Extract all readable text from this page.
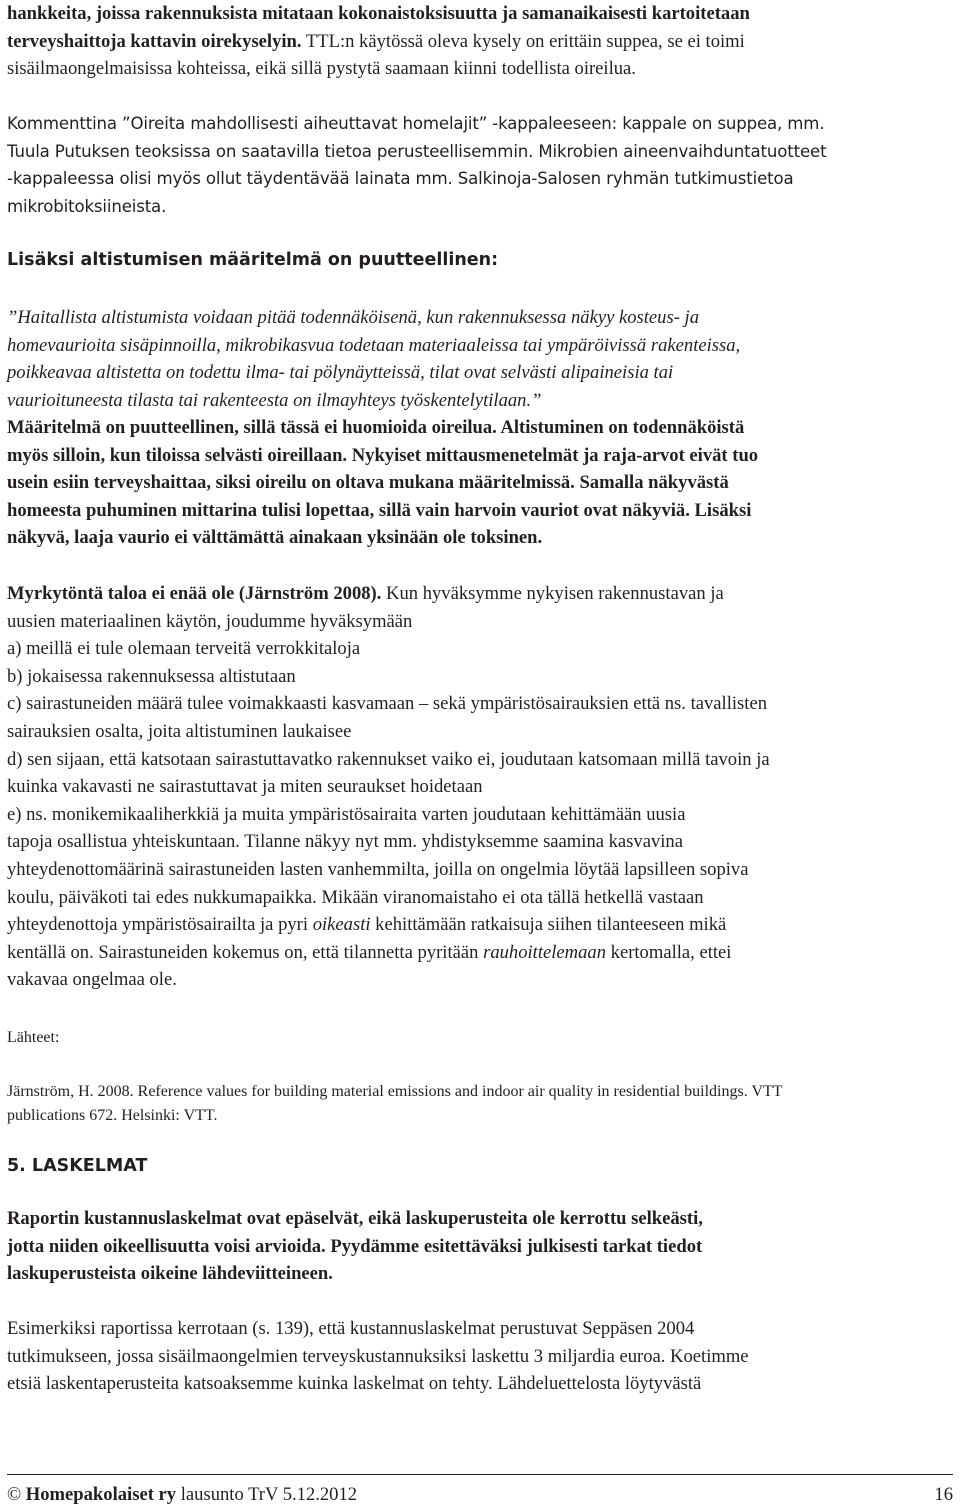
hankkeita, joissa rakennuksista mitataan kokonaistoksisuutta ja samanaikaisesti kartoitetaan
terveyshaittoja kattavin oirekyselyin. TTL:n käytössä oleva kysely on erittäin suppea, se ei toimi
sisäilmaongelmaisissa kohteissa, eikä sillä pystytä saamaan kiinni todellista oireilua.
Kommenttina ”Oireita mahdollisesti aiheuttavat homelajit” -kappaleeseen: kappale on suppea, mm.
Tuula Putuksen teoksissa on saatavilla tietoa perusteellisemmin. Mikrobien aineenvaihduntatuotteet
-kappaleessa olisi myös ollut täydentävää lainata mm. Salkinoja-Salosen ryhmän tutkimustietoa
mikrobitoksiineista.
Lisäksi altistumisen määritelmä on puutteellinen:
”Haitallista altistumista voidaan pitää todennäköisenä, kun rakennuksessa näkyy kosteus- ja
homevaurioita sisäpinnoilla, mikrobikasvua todetaan materiaaleissa tai ympäröivissä rakenteissa,
poikkeavaa altistetta on todettu ilma- tai pölynäytteissä, tilat ovat selvästi alipaineisia tai
vaurioituneesta tilasta tai rakenteesta on ilmayhteys työskentelytilaan.”
Määritelmä on puutteellinen, sillä tässä ei huomioida oireilua. Altistuminen on todennäköistä
myös silloin, kun tiloissa selvästi oireillaan. Nykyiset mittausmenetelmät ja raja-arvot eivät tuo
usein esiin terveyshaittaa, siksi oireilu on oltava mukana määritelmissä. Samalla näkyvästä
homeesta puhuminen mittarina tulisi lopettaa, sillä vain harvoin vauriot ovat näkyviä. Lisäksi
näkyvä, laaja vaurio ei välttämättä ainakaan yksinään ole toksinen.
Myrkytöntä taloa ei enää ole (Järnström 2008). Kun hyväksymme nykyisen rakennustavan ja
uusien materiaalinen käytön, joudumme hyväksymään
a) meillä ei tule olemaan terveitä verrokkitaloja
b) jokaisessa rakennuksessa altistutaan
c) sairastuneiden määrä tulee voimakkaasti kasvamaan – sekä ympäristösairauksien että ns. tavallisten
sairauksien osalta, joita altistuminen laukaisee
d) sen sijaan, että katsotaan sairastuttavatko rakennukset vaiko ei, joudutaan katsomaan millä tavoin ja
kuinka vakavasti ne sairastuttavat ja miten seuraukset hoidetaan
e) ns. monikemikaaliherkkiä ja muita ympäristösairaita varten joudutaan kehittämään uusia
tapoja osallistua yhteiskuntaan. Tilanne näkyy nyt mm. yhdistyksemme saamina kasvavina
yhteydenottomäärinä sairastuneiden lasten vanhemmilta, joilla on ongelmia löytää lapsilleen sopiva
koulu, päiväkoti tai edes nukkumapaikka. Mikään viranomaistaho ei ota tällä hetkellä vastaan
yhteydenottoja ympäristösairailta ja pyri oikeasti kehittämään ratkaisuja siihen tilanteeseen mikä
kentällä on. Sairastuneiden kokemus on, että tilannetta pyritään rauhoittelemaan kertomalla, ettei
vakavaa ongelmaa ole.
Lähteet:
Järnström, H. 2008. Reference values for building material emissions and indoor air quality in residential buildings. VTT
publications 672. Helsinki: VTT.
5. LASKELMAT
Raportin kustannuslaskelmat ovat epäselvät, eikä laskuperusteita ole kerrottu selkeästi,
jotta niiden oikeellisuutta voisi arvioida. Pyydämme esitettäväksi julkisesti tarkat tiedot
laskuperusteista oikeine lähdeviitteineen.
Esimerkiksi raportissa kerrotaan (s. 139), että kustannuslaskelmat perustuvat Seppäsen 2004
tutkimukseen, jossa sisäilmaongelmien terveyskustannuksiksi laskettu 3 miljardia euroa. Koetimme
etsiä laskentaperusteita katsoaksemme kuinka laskelmat on tehty. Lähdeluettelosta löytyvästä
© Homepakolaiset ry lausunto TrV 5.12.2012	16
